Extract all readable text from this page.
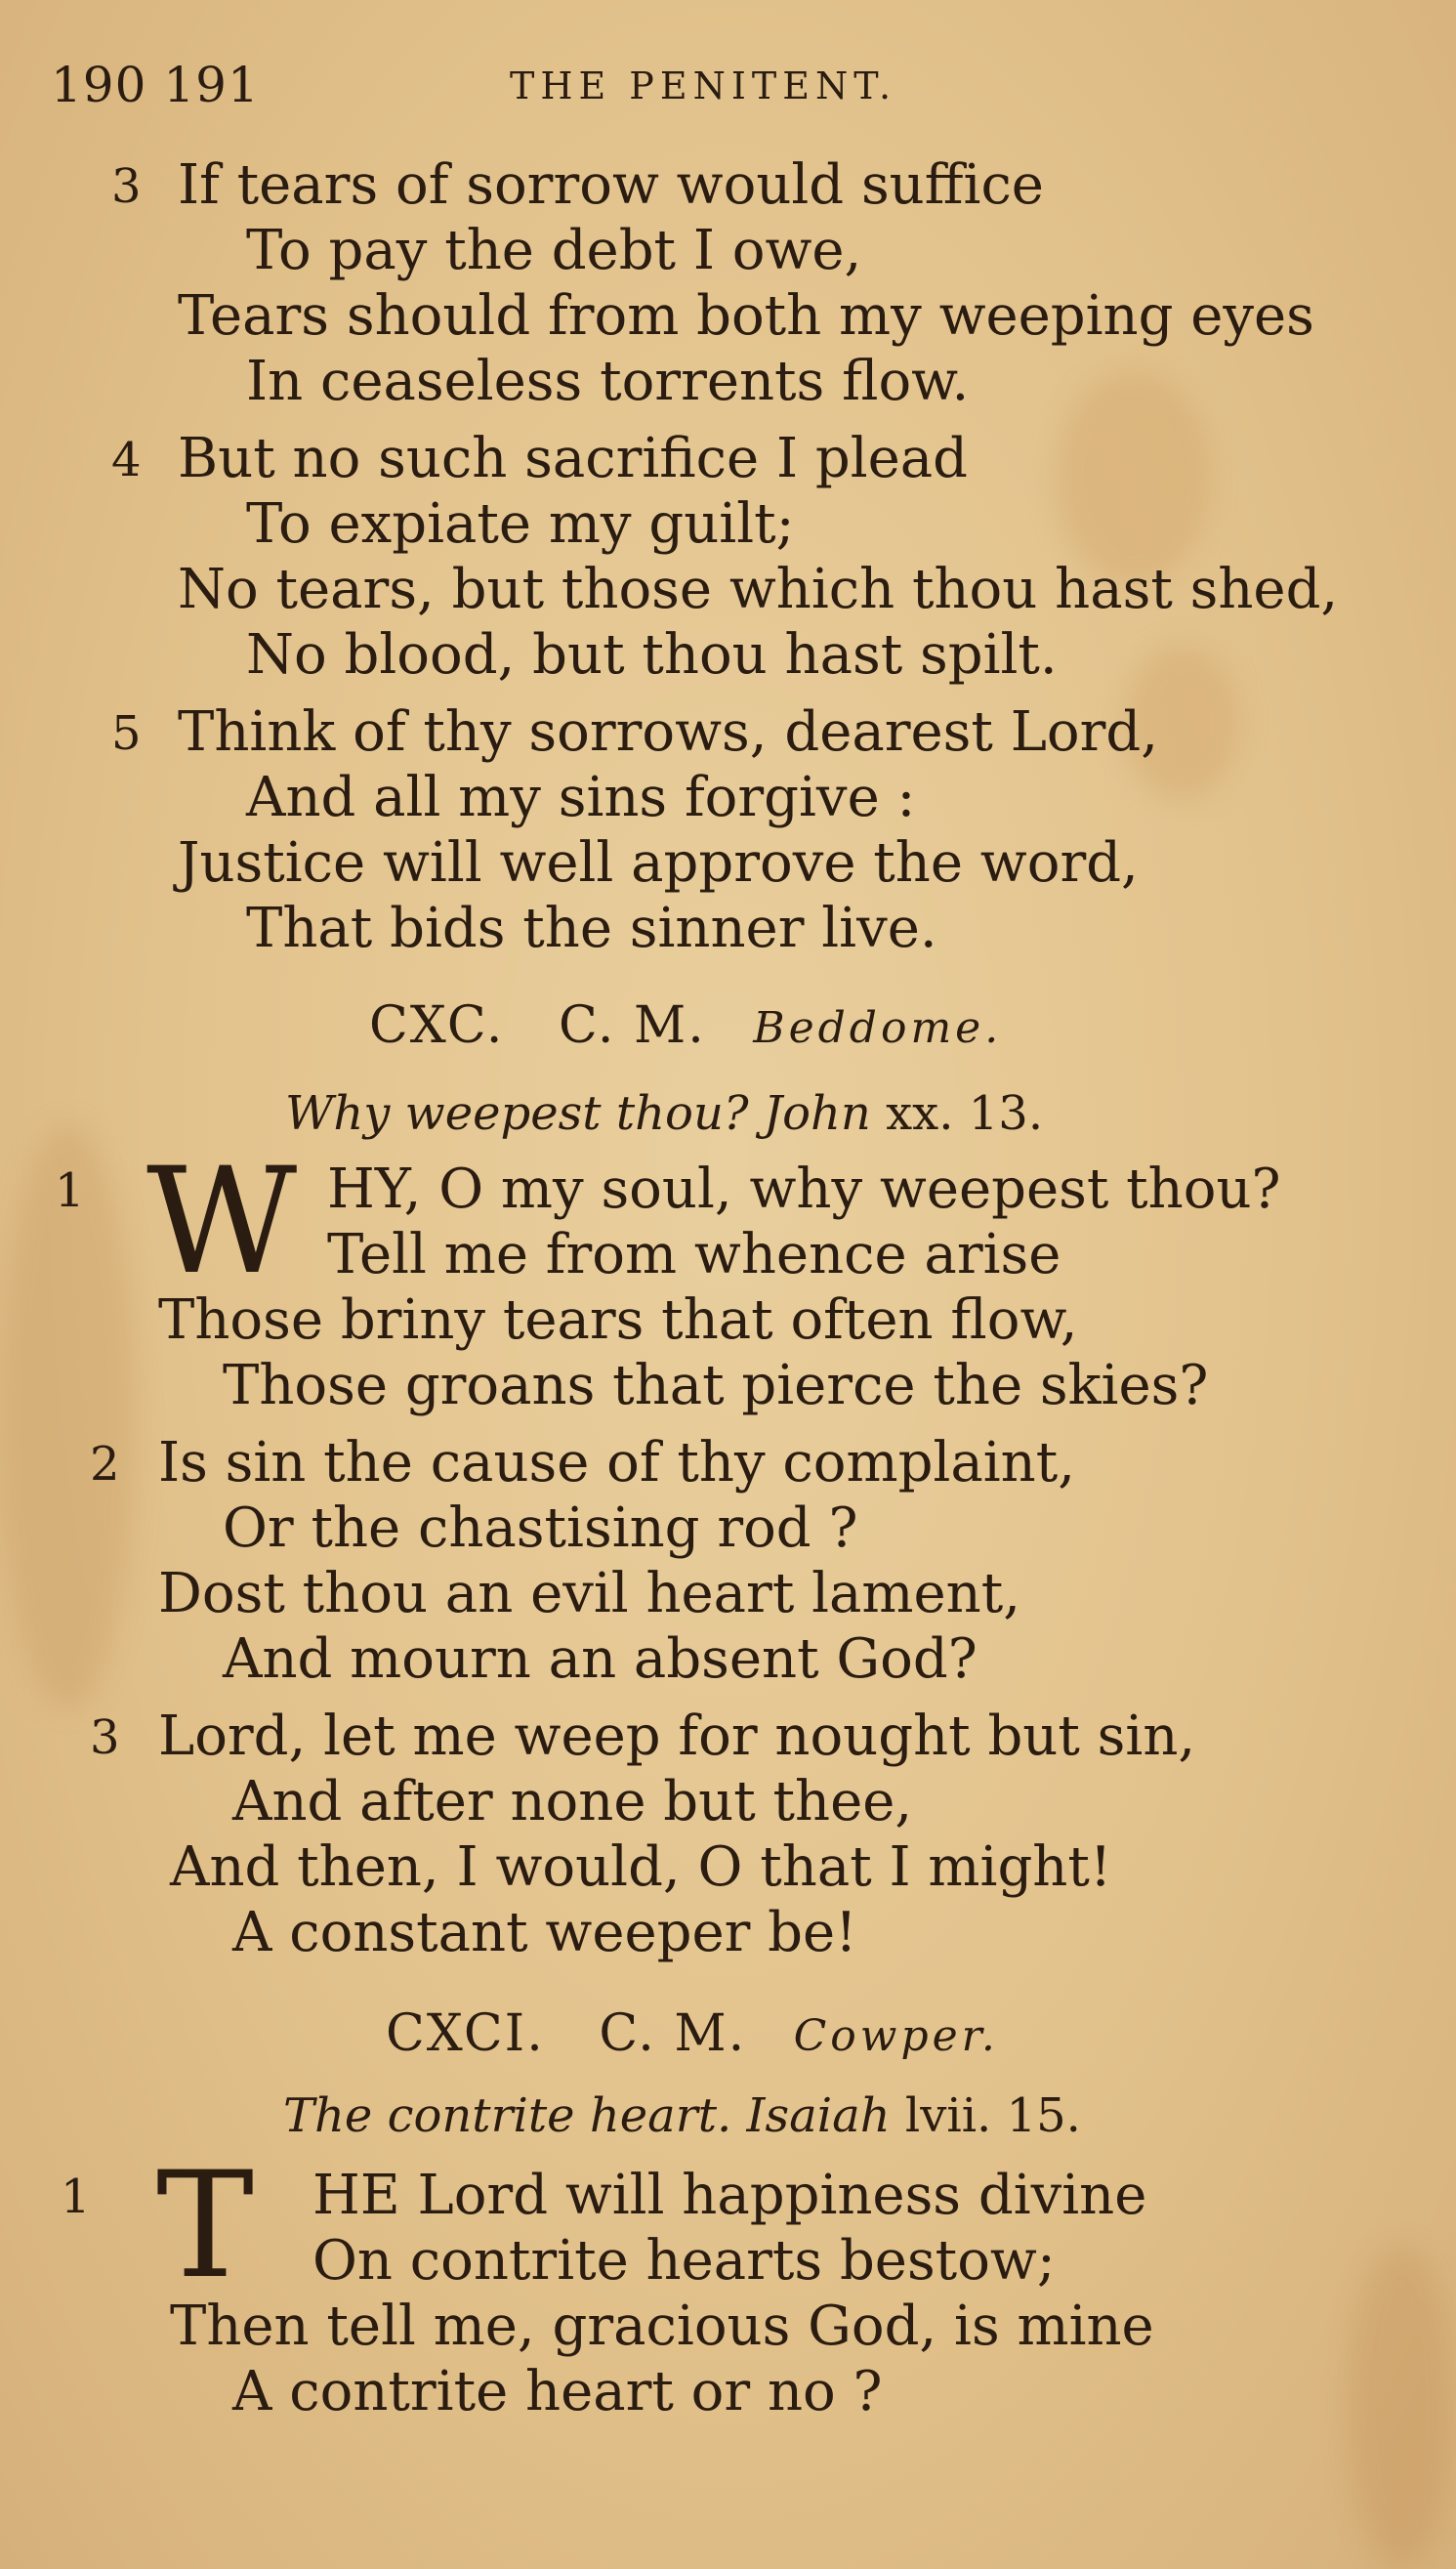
190 191	THE PENITENT.
3 If tears of sorrow would suffice
To pay the debt I owe,
Tears should from both my weeping eyes
In ceaseless torrents flow.
4 But no such sacrifice I plead
To expiate my guilt;
No tears, but those which thou hast shed,
No blood, but thou hast spilt.
5 Think of thy sorrows, dearest Lord,
And all my sins forgive :
Justice will well approve the word,
That bids the sinner live.
CXC. C. M. Beddome.
Why weepest thou? John xx. 13.
1 W HY, O my soul, why weepest thou?
Tell me from whence arise
Those briny tears that often flow,
Those groans that pierce the skies?
2 Is sin the cause of thy complaint,
Or the chastising rod ?
Dost thou an evil heart lament,
And mourn an absent God?
3 Lord, let me weep for nought but sin,
And after none but thee,
And then, I would, O that I might!
A constant weeper be!
CXCI. C. M. Cowper.
The contrite heart. Isaiah lvii. 15.
1 T HE Lord will happiness divine
On contrite hearts bestow;
Then tell me, gracious God, is mine
A contrite heart or no ?
